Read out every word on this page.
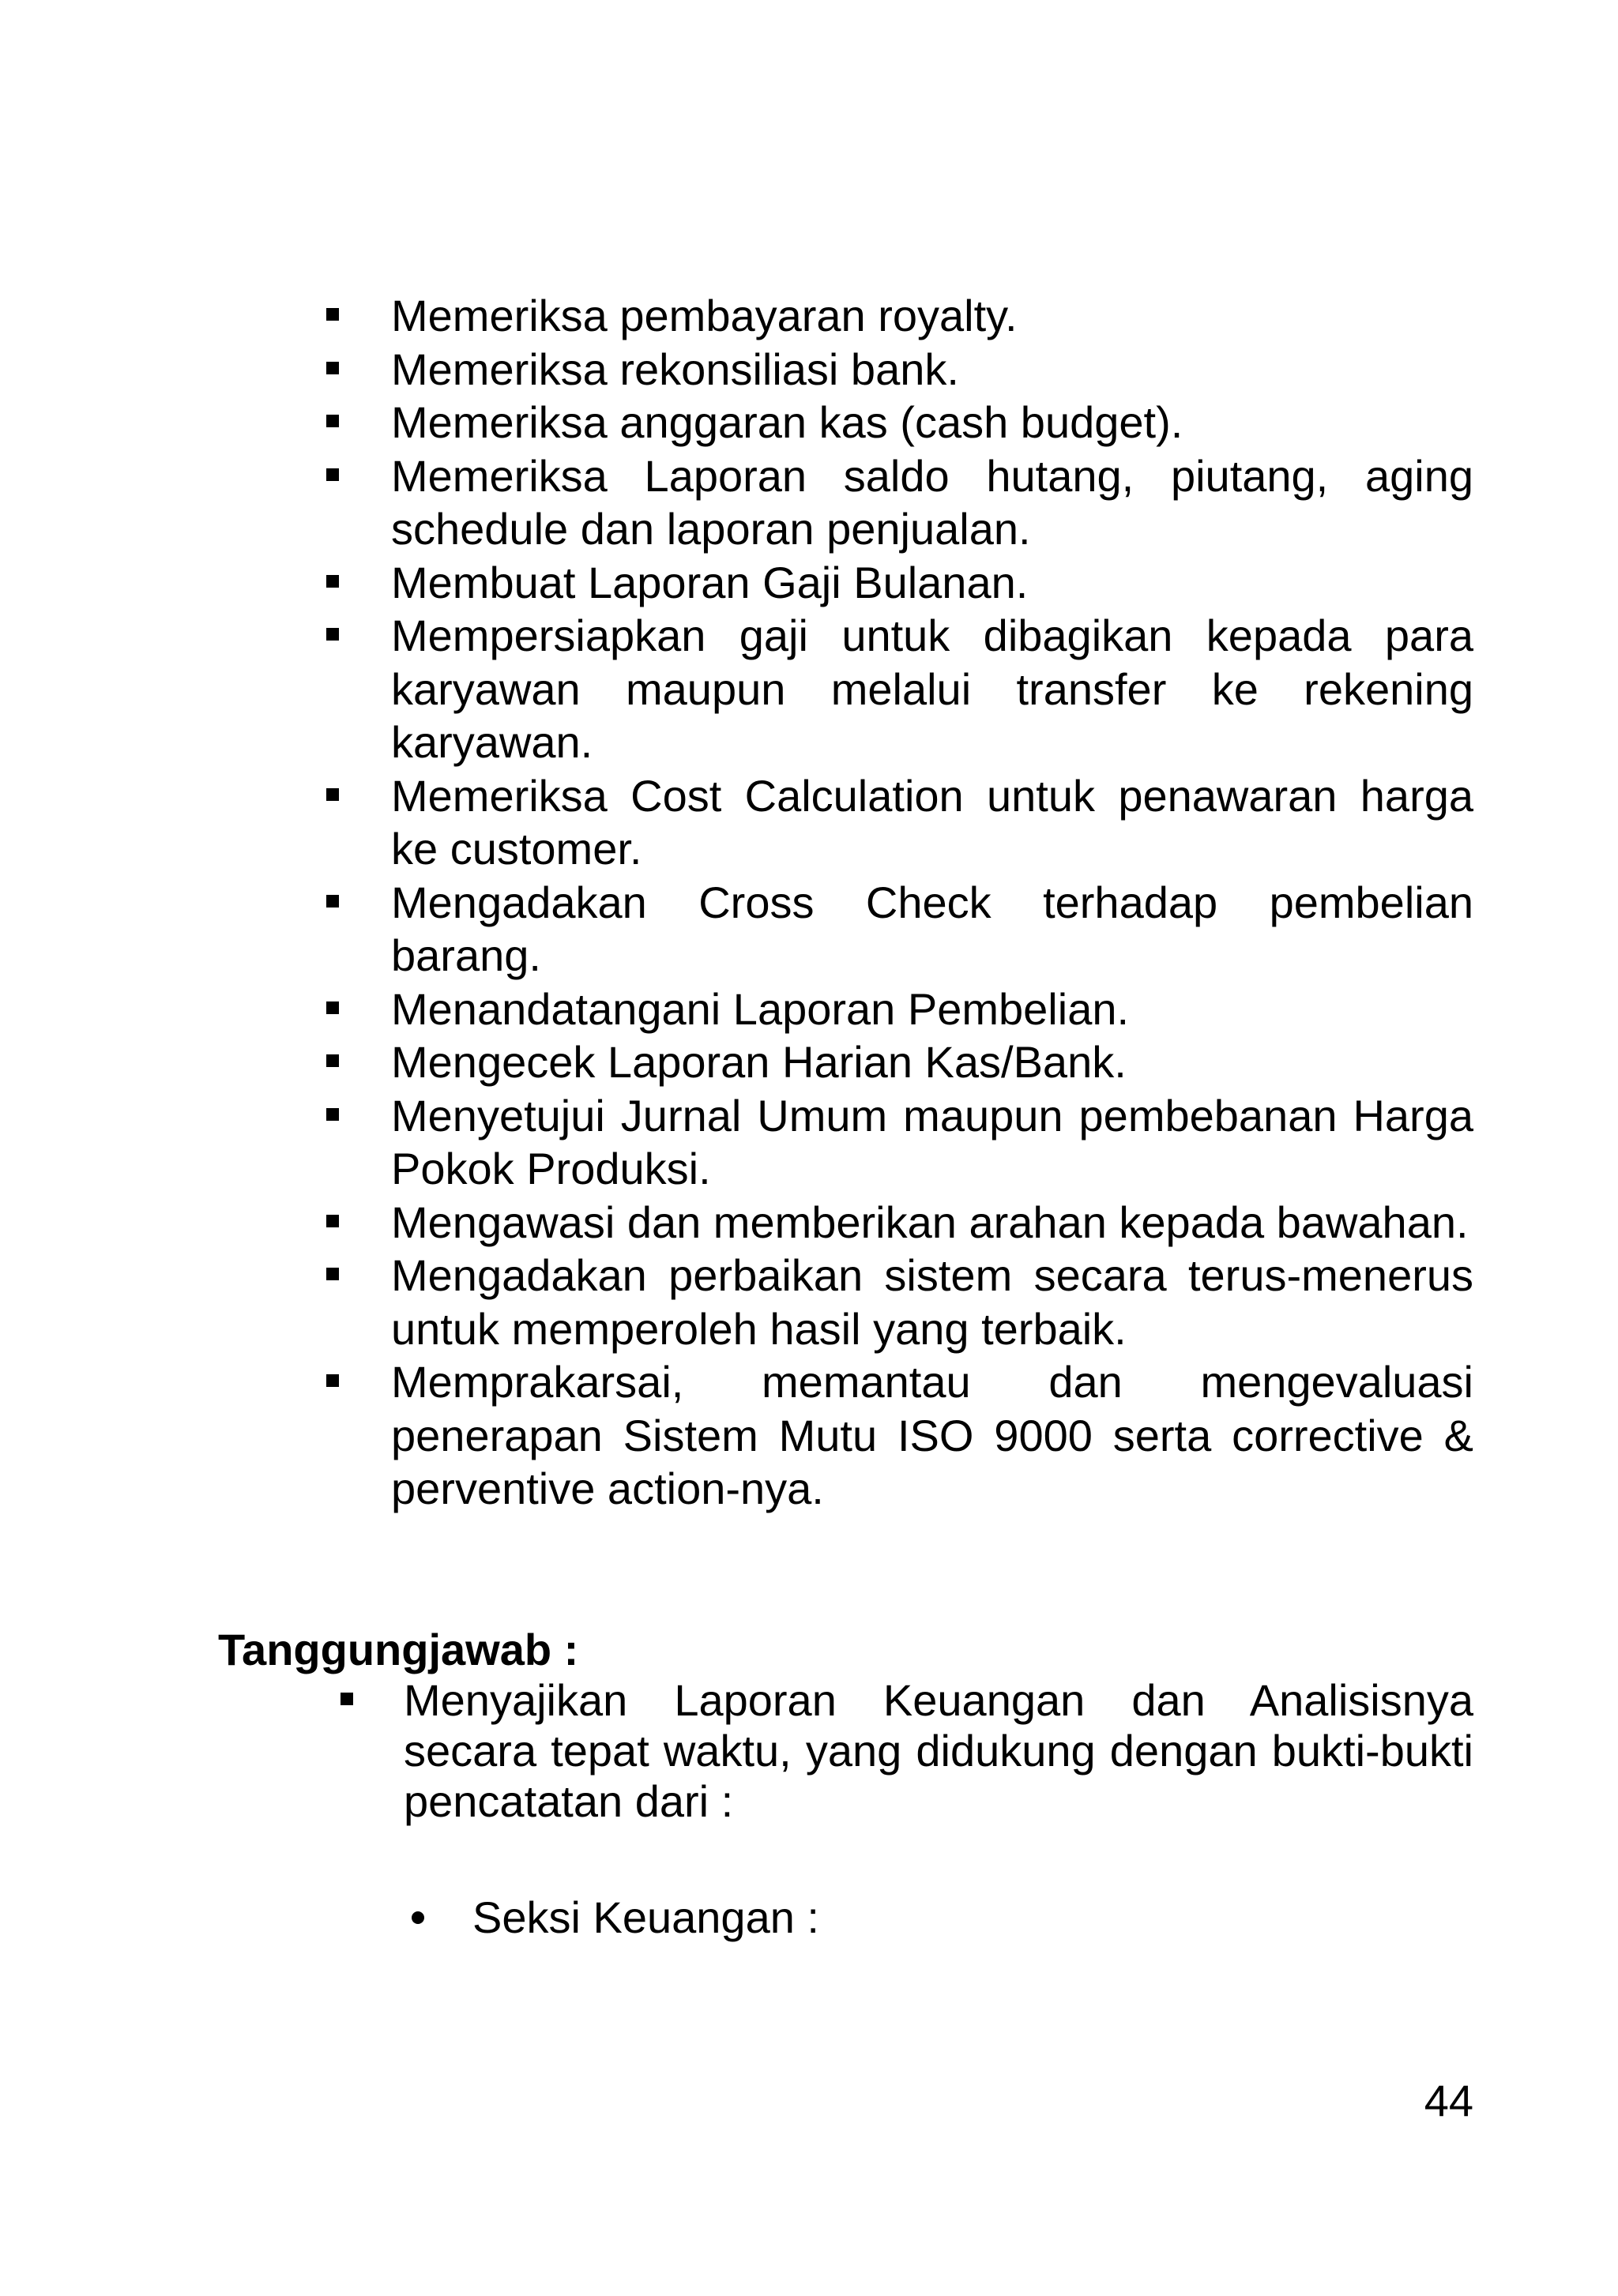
Memeriksa pembayaran royalty.
Memeriksa rekonsiliasi bank.
Memeriksa anggaran kas (cash budget).
Memeriksa Laporan saldo hutang, piutang, aging schedule dan laporan penjualan.
Membuat Laporan Gaji Bulanan.
Mempersiapkan gaji untuk dibagikan kepada para karyawan maupun melalui transfer ke rekening karyawan.
Memeriksa Cost Calculation untuk penawaran harga ke customer.
Mengadakan Cross Check terhadap pembelian barang.
Menandatangani Laporan Pembelian.
Mengecek Laporan Harian Kas/Bank.
Menyetujui Jurnal Umum maupun pembebanan Harga Pokok Produksi.
Mengawasi dan memberikan arahan kepada bawahan.
Mengadakan perbaikan sistem secara terus-menerus untuk memperoleh hasil yang terbaik.
Memprakarsai, memantau dan mengevaluasi penerapan Sistem Mutu ISO 9000 serta corrective & perventive action-nya.
Tanggungjawab :
Menyajikan Laporan Keuangan dan Analisisnya secara tepat waktu, yang didukung dengan bukti-bukti pencatatan dari :
Seksi Keuangan :
44
